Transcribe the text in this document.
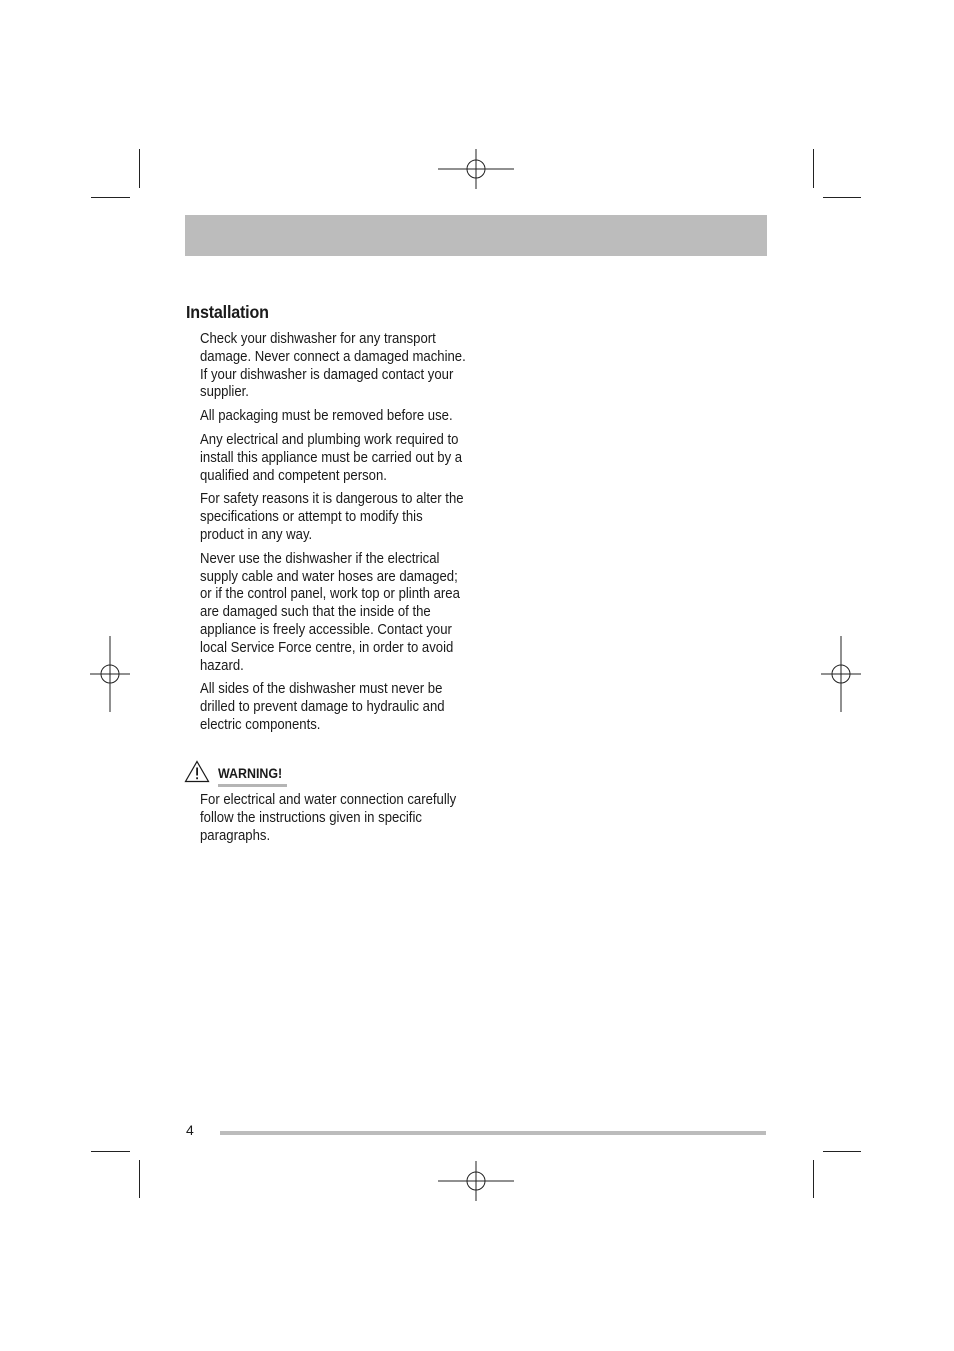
Installation

Check your dishwasher for any transport damage. Never connect a damaged machine. If your dishwasher is damaged contact your supplier.

All packaging must be removed before use.

Any electrical and plumbing work required to install this appliance must be carried out by a qualified and competent person.

For safety reasons it is dangerous to alter the specifications or attempt to modify this product in any way.

Never use the dishwasher if the electrical supply cable and water hoses are damaged; or if the control panel, work top or plinth area are damaged such that the inside of the appliance is freely accessible. Contact your local Service Force centre, in order to avoid hazard.

All sides of the dishwasher must never be drilled to prevent damage to hydraulic and electric components.

WARNING!

For electrical and water connection carefully follow the instructions given in specific paragraphs.

4
